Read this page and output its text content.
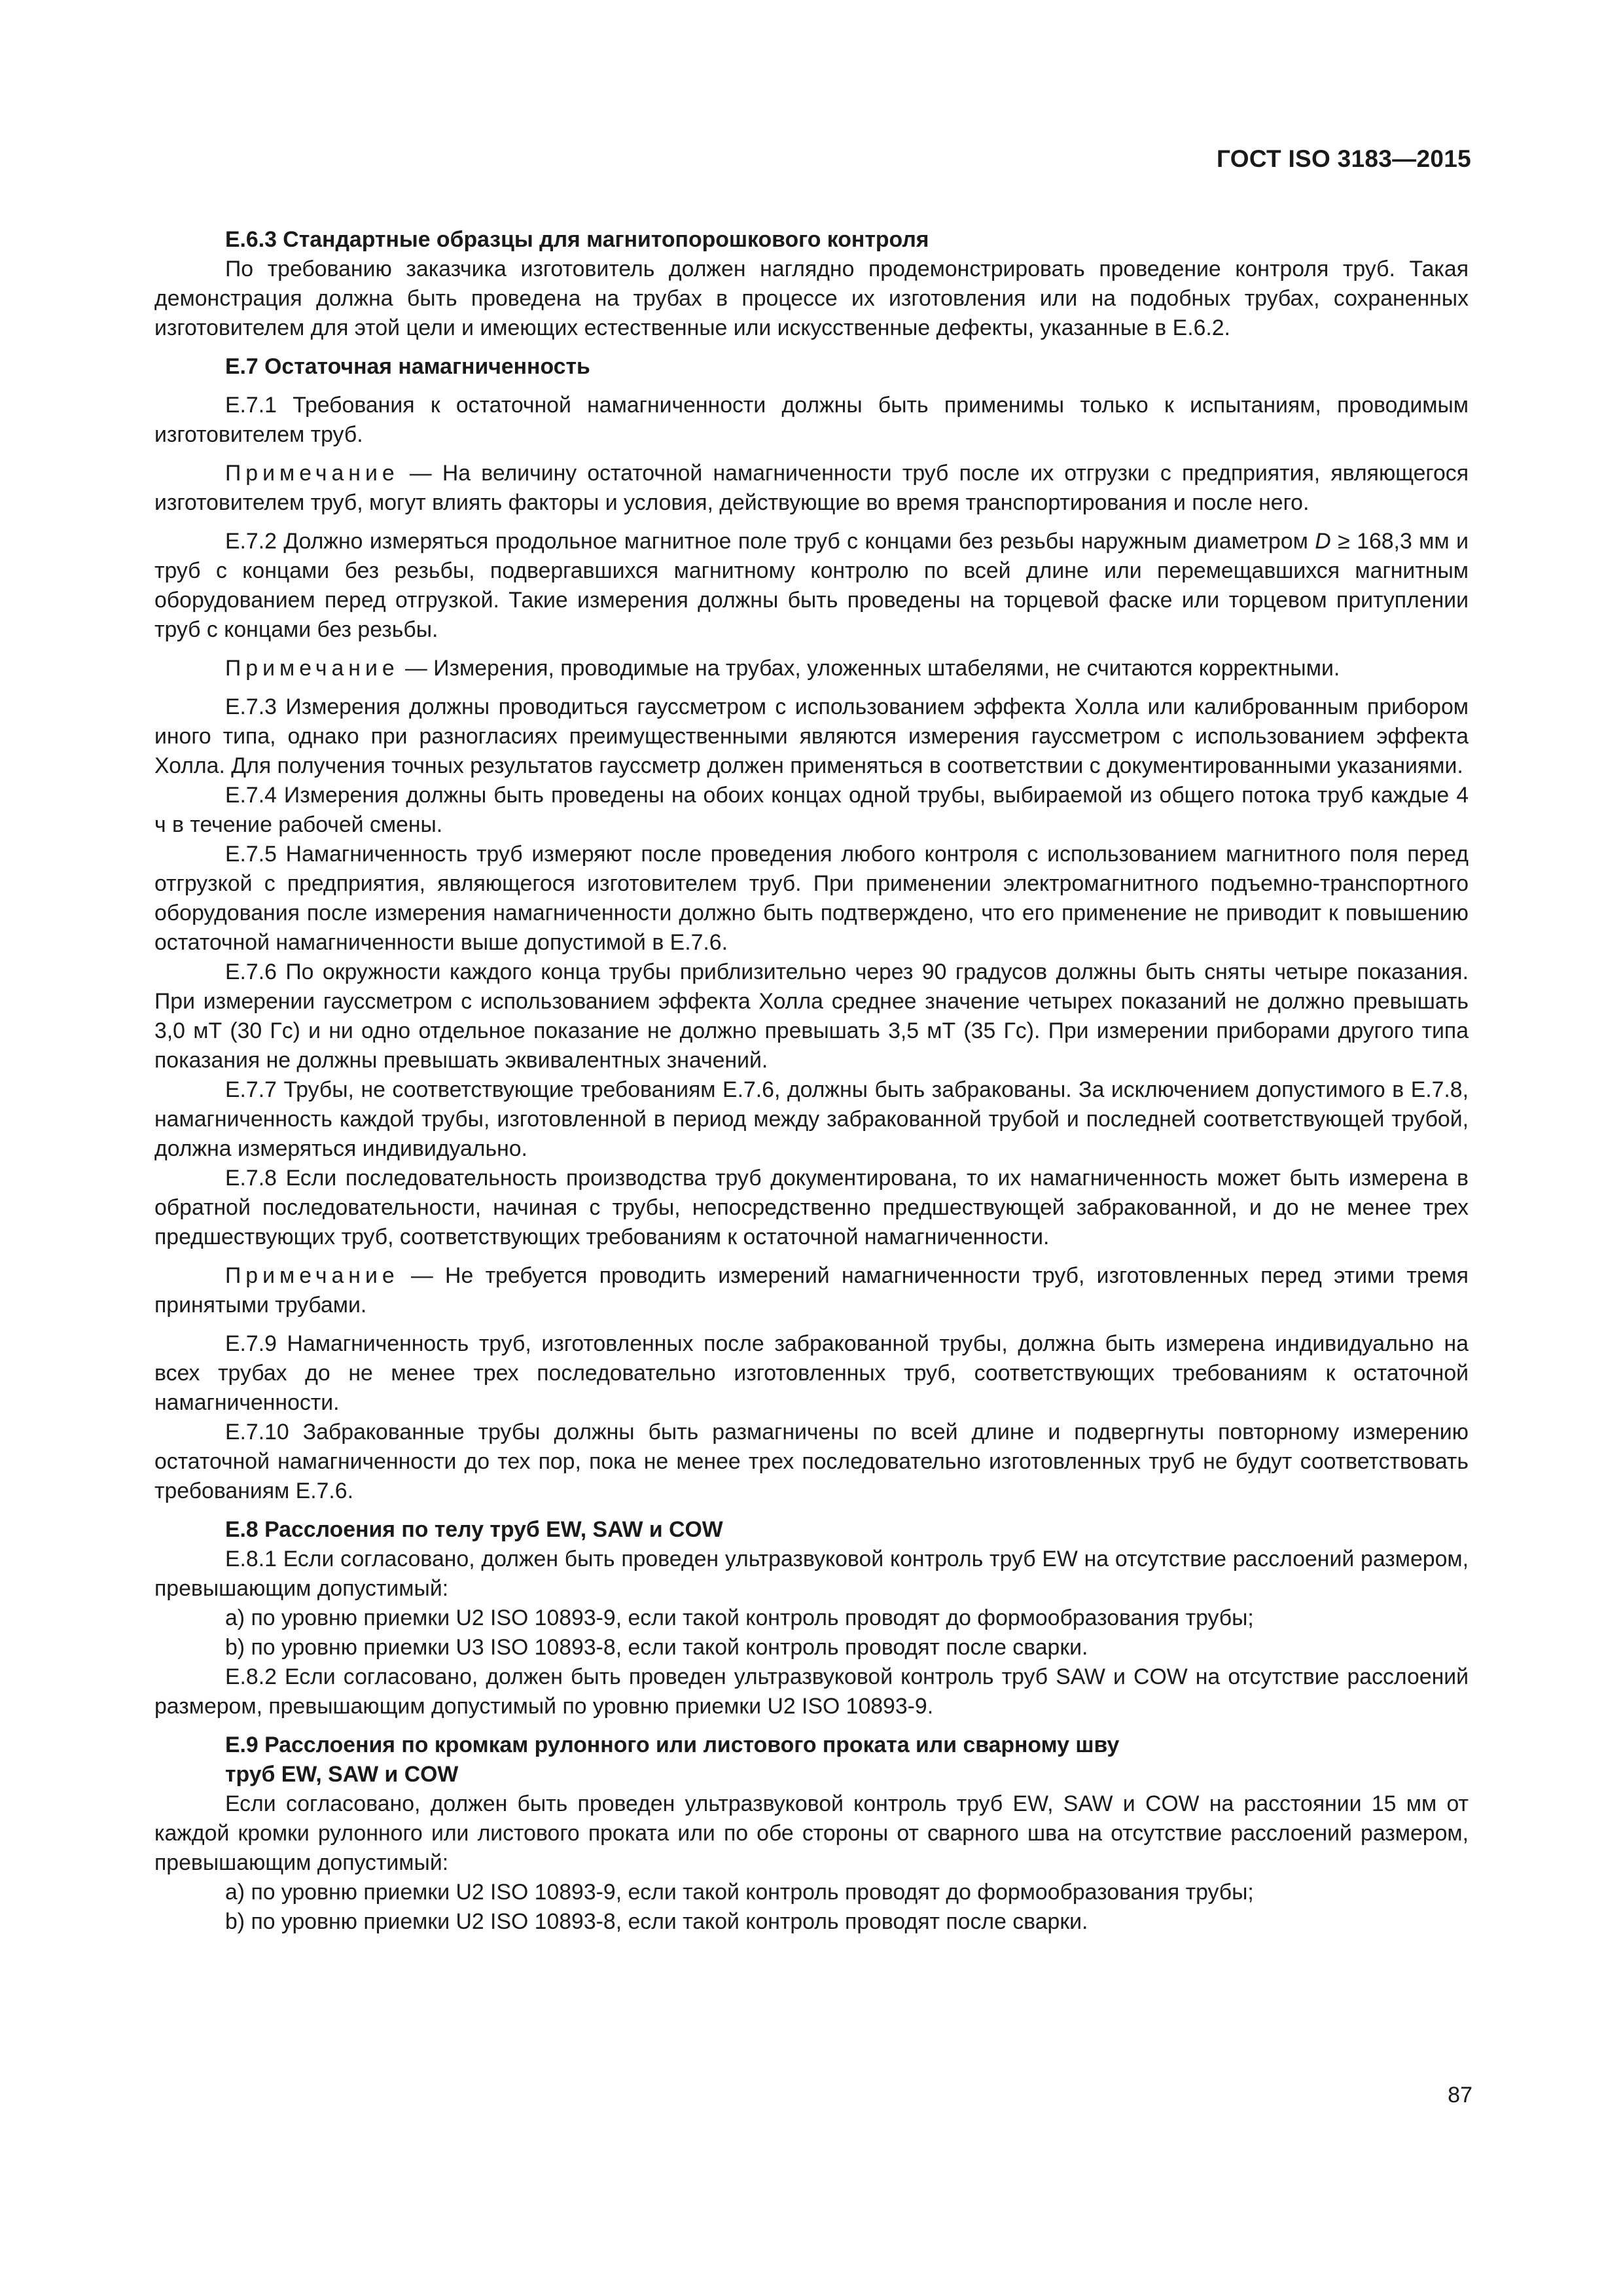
ГОСТ ISO 3183—2015
Е.6.3 Стандартные образцы для магнитопорошкового контроля

По требованию заказчика изготовитель должен наглядно продемонстрировать проведение контроля труб. Такая демонстрация должна быть проведена на трубах в процессе их изготовления или на подобных трубах, сохраненных изготовителем для этой цели и имеющих естественные или искусственные дефекты, указанные в Е.6.2.

Е.7 Остаточная намагниченность

Е.7.1 Требования к остаточной намагниченности должны быть применимы только к испытаниям, проводимым изготовителем труб.

Примечание — На величину остаточной намагниченности труб после их отгрузки с предприятия, являющегося изготовителем труб, могут влиять факторы и условия, действующие во время транспортирования и после него.

Е.7.2 Должно измеряться продольное магнитное поле труб с концами без резьбы наружным диаметром D ≥ 168,3 мм и труб с концами без резьбы, подвергавшихся магнитному контролю по всей длине или перемещавшихся магнитным оборудованием перед отгрузкой. Такие измерения должны быть проведены на торцевой фаске или торцевом притуплении труб с концами без резьбы.

Примечание — Измерения, проводимые на трубах, уложенных штабелями, не считаются корректными.

Е.7.3 Измерения должны проводиться гауссметром с использованием эффекта Холла или калиброванным прибором иного типа, однако при разногласиях преимущественными являются измерения гауссметром с использованием эффекта Холла. Для получения точных результатов гауссметр должен применяться в соответствии с документированными указаниями.

Е.7.4 Измерения должны быть проведены на обоих концах одной трубы, выбираемой из общего потока труб каждые 4 ч в течение рабочей смены.

Е.7.5 Намагниченность труб измеряют после проведения любого контроля с использованием магнитного поля перед отгрузкой с предприятия, являющегося изготовителем труб. При применении электромагнитного подъемно-транспортного оборудования после измерения намагниченности должно быть подтверждено, что его применение не приводит к повышению остаточной намагниченности выше допустимой в Е.7.6.

Е.7.6 По окружности каждого конца трубы приблизительно через 90 градусов должны быть сняты четыре показания. При измерении гауссметром с использованием эффекта Холла среднее значение четырех показаний не должно превышать 3,0 мТ (30 Гс) и ни одно отдельное показание не должно превышать 3,5 мТ (35 Гс). При измерении приборами другого типа показания не должны превышать эквивалентных значений.

Е.7.7 Трубы, не соответствующие требованиям Е.7.6, должны быть забракованы. За исключением допустимого в Е.7.8, намагниченность каждой трубы, изготовленной в период между забракованной трубой и последней соответствующей трубой, должна измеряться индивидуально.

Е.7.8 Если последовательность производства труб документирована, то их намагниченность может быть измерена в обратной последовательности, начиная с трубы, непосредственно предшествующей забракованной, и до не менее трех предшествующих труб, соответствующих требованиям к остаточной намагниченности.

Примечание — Не требуется проводить измерений намагниченности труб, изготовленных перед этими тремя принятыми трубами.

Е.7.9 Намагниченность труб, изготовленных после забракованной трубы, должна быть измерена индивидуально на всех трубах до не менее трех последовательно изготовленных труб, соответствующих требованиям к остаточной намагниченности.

Е.7.10 Забракованные трубы должны быть размагничены по всей длине и подвергнуты повторному измерению остаточной намагниченности до тех пор, пока не менее трех последовательно изготовленных труб не будут соответствовать требованиям Е.7.6.

Е.8 Расслоения по телу труб EW, SAW и COW

Е.8.1 Если согласовано, должен быть проведен ультразвуковой контроль труб EW на отсутствие расслоений размером, превышающим допустимый:

a) по уровню приемки U2 ISO 10893-9, если такой контроль проводят до формообразования трубы;

b) по уровню приемки U3 ISO 10893-8, если такой контроль проводят после сварки.

Е.8.2 Если согласовано, должен быть проведен ультразвуковой контроль труб SAW и COW на отсутствие расслоений размером, превышающим допустимый по уровню приемки U2 ISO 10893-9.

Е.9 Расслоения по кромкам рулонного или листового проката или сварному шву
труб EW, SAW и COW

Если согласовано, должен быть проведен ультразвуковой контроль труб EW, SAW и COW на расстоянии 15 мм от каждой кромки рулонного или листового проката или по обе стороны от сварного шва на отсутствие расслоений размером, превышающим допустимый:

a) по уровню приемки U2 ISO 10893-9, если такой контроль проводят до формообразования трубы;

b) по уровню приемки U2 ISO 10893-8, если такой контроль проводят после сварки.

87
